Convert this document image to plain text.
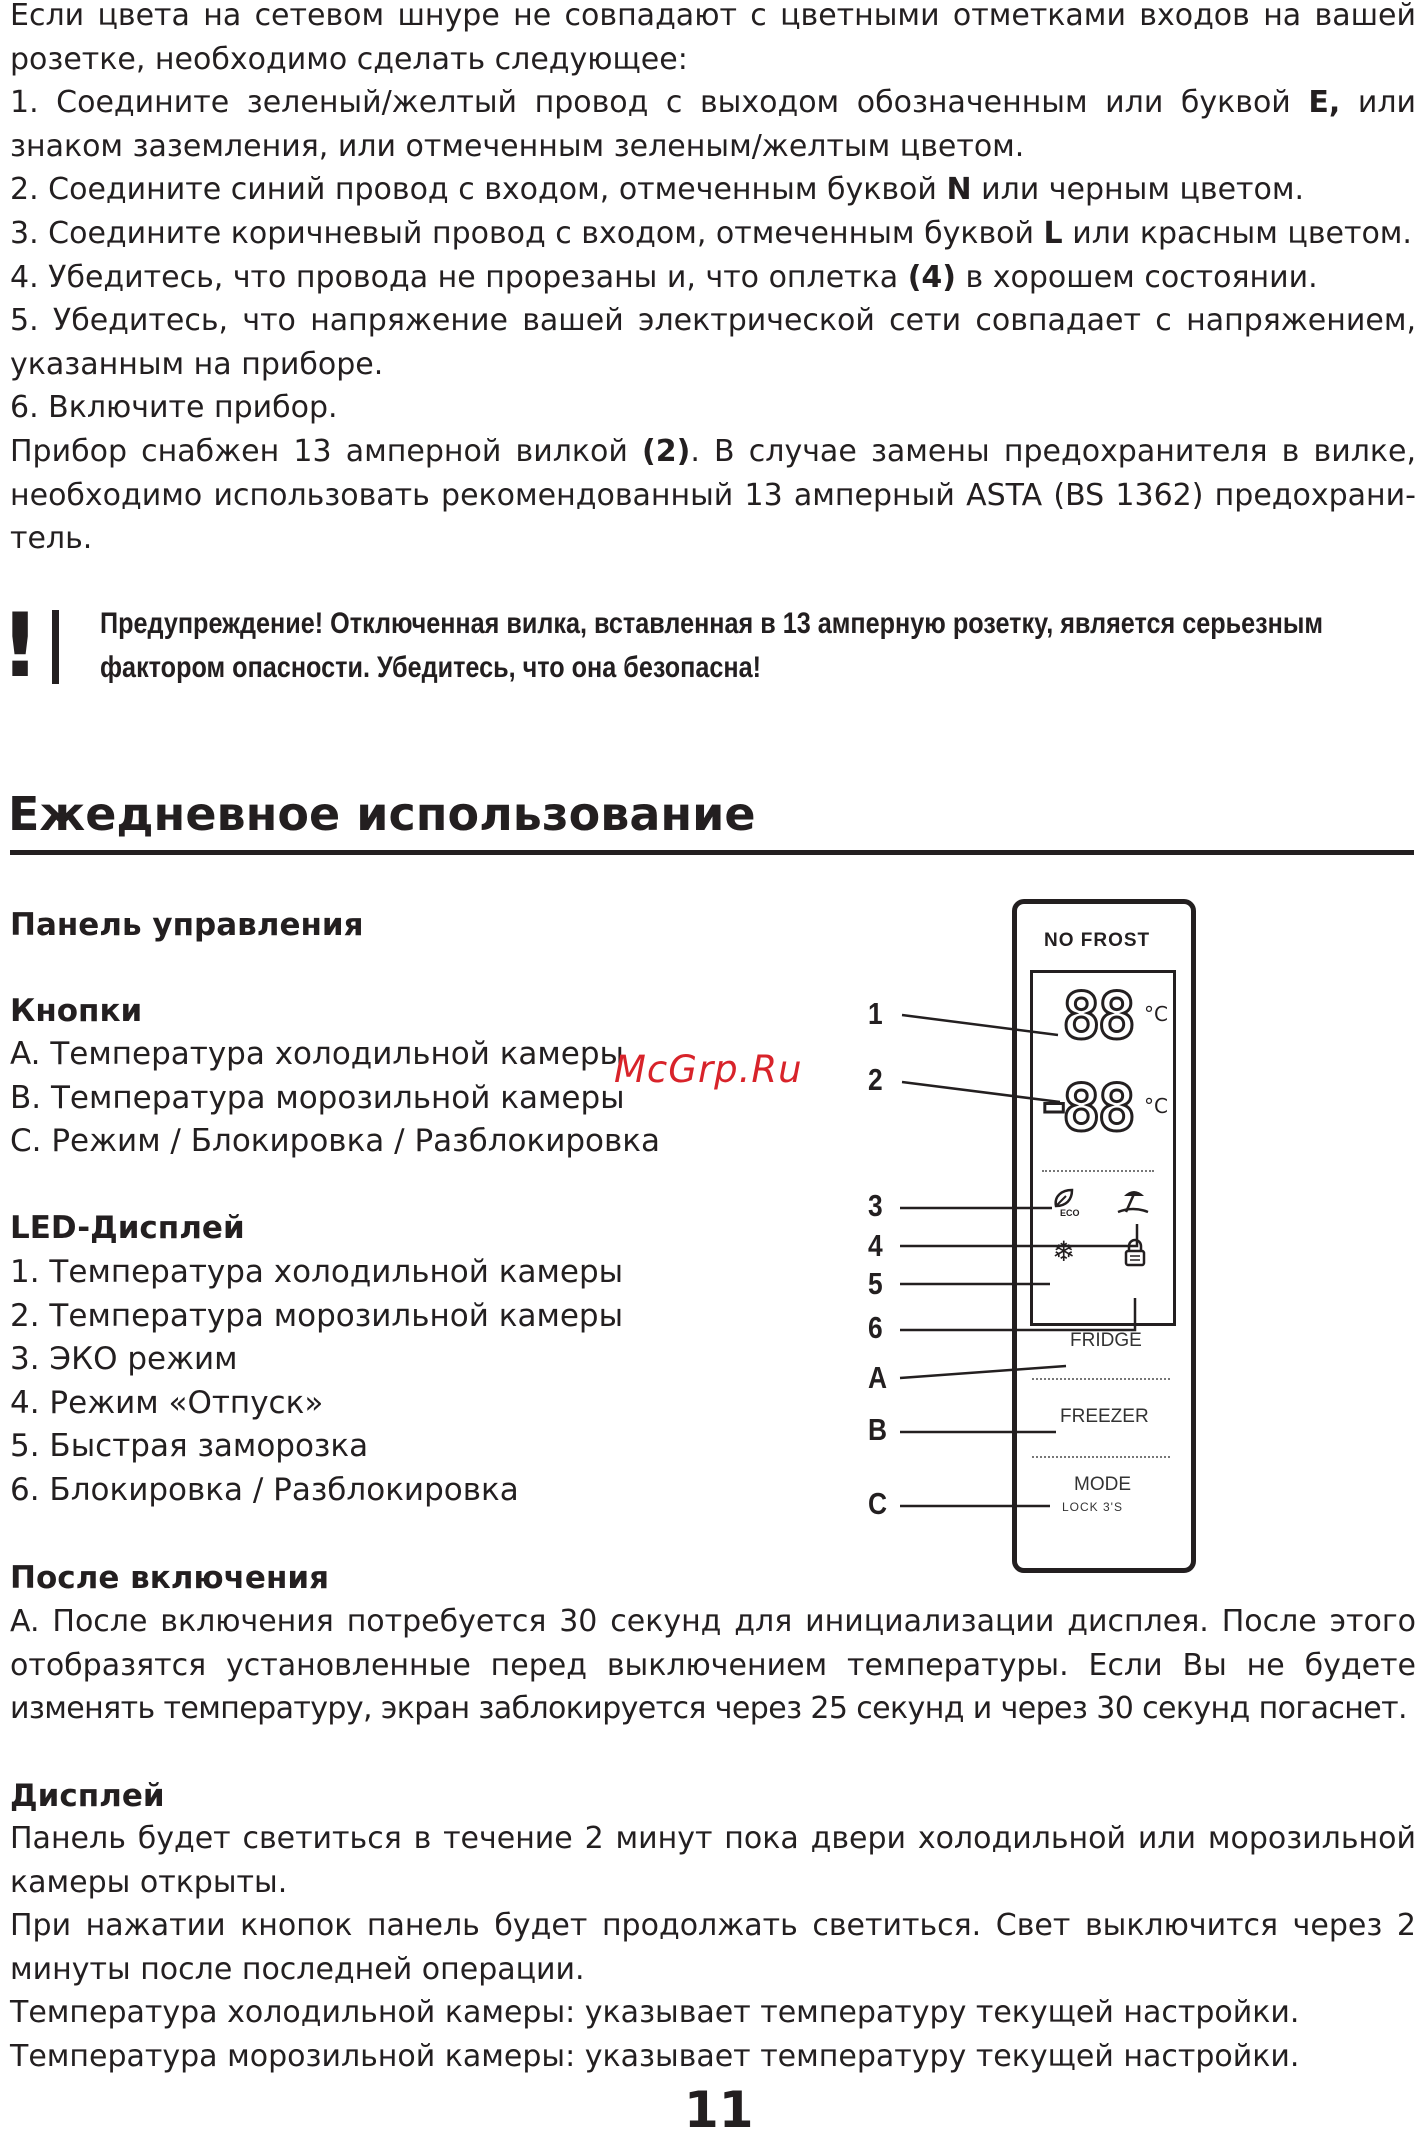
Если цвета на сетевом шнуре не совпадают с цветными отметками входов на вашей
розетке, необходимо сделать следующее:
1. Соедините зеленый/желтый провод с выходом обозначенным или буквой E, или
знаком заземления, или отмеченным зеленым/желтым цветом.
2. Соедините синий провод с входом, отмеченным буквой N или черным цветом.
3. Соедините коричневый провод с входом, отмеченным буквой L или красным цветом.
4. Убедитесь, что провода не прорезаны и, что оплетка (4) в хорошем состоянии.
5. Убедитесь, что напряжение вашей электрической сети совпадает с напряжением,
указанным на приборе.
6. Включите прибор.
Прибор снабжен 13 амперной вилкой (2). В случае замены предохранителя в вилке,
необходимо использовать рекомендованный 13 амперный ASTA (BS 1362) предохрани-
тель.
! Предупреждение! Отключенная вилка, вставленная в 13 амперную розетку, является серьезным
фактором опасности. Убедитесь, что она безопасна!
Ежедневное использование
Панель управления
Кнопки
A. Температура холодильной камеры
B. Температура морозильной камеры
C. Режим / Блокировка / Разблокировка
LED-Дисплей
1. Температура холодильной камеры
2. Температура морозильной камеры
3. ЭКО режим
4. Режим «Отпуск»
5. Быстрая заморозка
6. Блокировка / Разблокировка
McGrp.Ru
NO FROST
88 °C
-
88 °C
ECO
❄
FRIDGE
FREEZER
MODE
LOCK 3'S
1
2
3
4
5
6
A
B
C
После включения
A. После включения потребуется 30 секунд для инициализации дисплея. После этого
отобразятся установленные перед выключением температуры. Если Вы не будете
изменять температуру, экран заблокируется через 25 секунд и через 30 секунд погаснет.
Дисплей
Панель будет светиться в течение 2 минут пока двери холодильной или морозильной
камеры открыты.
При нажатии кнопок панель будет продолжать светиться. Свет выключится через 2
минуты после последней операции.
Температура холодильной камеры: указывает температуру текущей настройки.
Температура морозильной камеры: указывает температуру текущей настройки.
11
